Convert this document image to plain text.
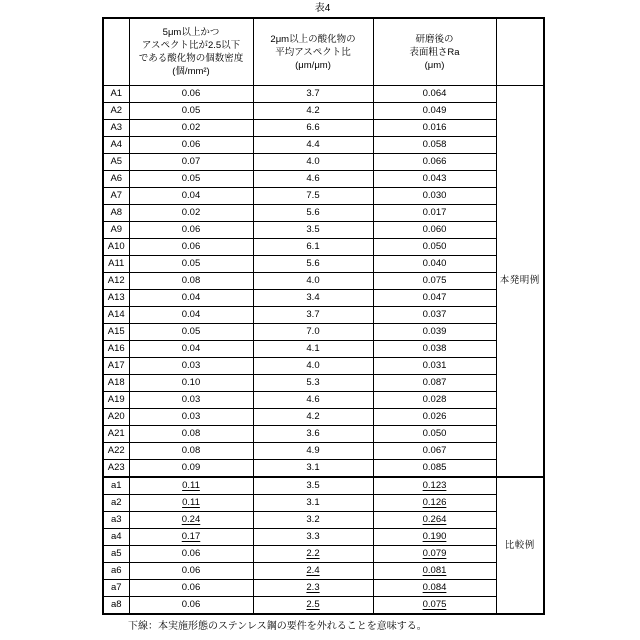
表4
	5μm以上かつ
アスペクト比が2.5以下
である酸化物の個数密度
(個/mm²)	2μm以上の酸化物の
平均アスペクト比
(μm/μm)	研磨後の
表面粗さRa
(μm)	
A1	0.06	3.7	0.064	本発明例
A2	0.05	4.2	0.049	
A3	0.02	6.6	0.016	
A4	0.06	4.4	0.058	
A5	0.07	4.0	0.066	
A6	0.05	4.6	0.043	
A7	0.04	7.5	0.030	
A8	0.02	5.6	0.017	
A9	0.06	3.5	0.060	
A10	0.06	6.1	0.050	
A11	0.05	5.6	0.040	
A12	0.08	4.0	0.075	
A13	0.04	3.4	0.047	
A14	0.04	3.7	0.037	
A15	0.05	7.0	0.039	
A16	0.04	4.1	0.038	
A17	0.03	4.0	0.031	
A18	0.10	5.3	0.087	
A19	0.03	4.6	0.028	
A20	0.03	4.2	0.026	
A21	0.08	3.6	0.050	
A22	0.08	4.9	0.067	
A23	0.09	3.1	0.085	
a1	0.11	3.5	0.123	比較例
a2	0.11	3.1	0.126	
a3	0.24	3.2	0.264	
a4	0.17	3.3	0.190	
a5	0.06	2.2	0.079	
a6	0.06	2.4	0.081	
a7	0.06	2.3	0.084	
a8	0.06	2.5	0.075	
下線：本実施形態のステンレス鋼の要件を外れることを意味する。
